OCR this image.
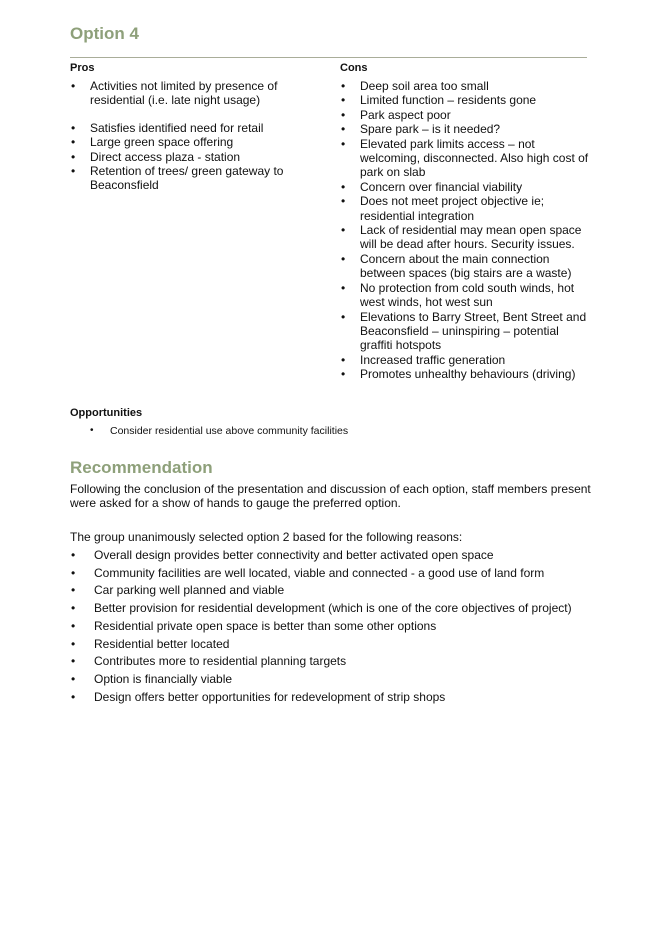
Option 4
Pros
• Activities not limited by presence of residential (i.e. late night usage)
• Satisfies identified need for retail
• Large green space offering
• Direct access plaza - station
• Retention of trees/ green gateway to Beaconsfield
Cons
• Deep soil area too small
• Limited function – residents gone
• Park aspect poor
• Spare park – is it needed?
• Elevated park limits access – not welcoming, disconnected. Also high cost of park on slab
• Concern over financial viability
• Does not meet project objective ie; residential integration
• Lack of residential may mean open space will be dead after hours. Security issues.
• Concern about the main connection between spaces (big stairs are a waste)
• No protection from cold south winds, hot west winds, hot west sun
• Elevations to Barry Street, Bent Street and Beaconsfield – uninspiring – potential graffiti hotspots
• Increased traffic generation
• Promotes unhealthy behaviours (driving)
Opportunities
• Consider residential use above community facilities
Recommendation

Following the conclusion of the presentation and discussion of each option, staff members present were asked for a show of hands to gauge the preferred option.

The group unanimously selected option 2 based for the following reasons:

• Overall design provides better connectivity and better activated open space
• Community facilities are well located, viable and connected - a good use of land form
• Car parking well planned and viable
• Better provision for residential development (which is one of the core objectives of project)
• Residential private open space is better than some other options
• Residential better located
• Contributes more to residential planning targets
• Option is financially viable
• Design offers better opportunities for redevelopment of strip shops
